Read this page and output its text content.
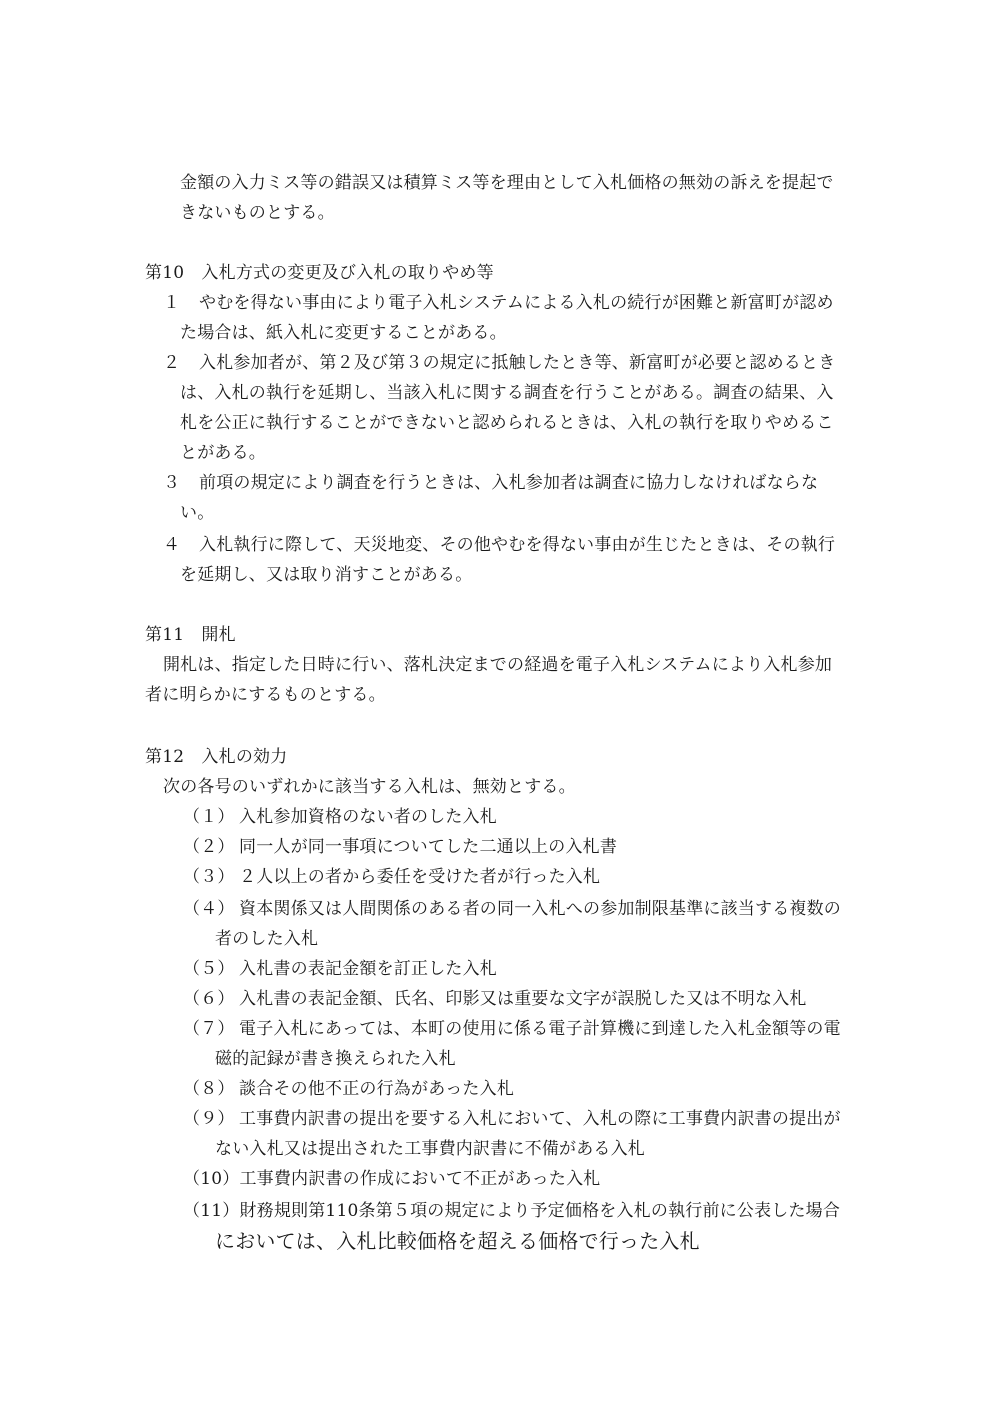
金額の入力ミス等の錯誤又は積算ミス等を理由として入札価格の無効の訴えを提起で
きないものとする。
第10　入札方式の変更及び入札の取りやめ等
１ やむを得ない事由により電子入札システムによる入札の続行が困難と新富町が認め
た場合は、紙入札に変更することがある。
２ 入札参加者が、第２及び第３の規定に抵触したとき等、新富町が必要と認めるとき
は、入札の執行を延期し、当該入札に関する調査を行うことがある。調査の結果、入
札を公正に執行することができないと認められるときは、入札の執行を取りやめるこ
とがある。
３ 前項の規定により調査を行うときは、入札参加者は調査に協力しなければならな
い。
４ 入札執行に際して、天災地変、その他やむを得ない事由が生じたときは、その執行
を延期し、又は取り消すことがある。
第11　開札
開札は、指定した日時に行い、落札決定までの経過を電子入札システムにより入札参加
者に明らかにするものとする。
第12　入札の効力
次の各号のいずれかに該当する入札は、無効とする。
（１） 入札参加資格のない者のした入札
（２） 同一人が同一事項についてした二通以上の入札書
（３） ２人以上の者から委任を受けた者が行った入札
（４） 資本関係又は人間関係のある者の同一入札への参加制限基準に該当する複数の
者のした入札
（５） 入札書の表記金額を訂正した入札
（６） 入札書の表記金額、氏名、印影又は重要な文字が誤脱した又は不明な入札
（７） 電子入札にあっては、本町の使用に係る電子計算機に到達した入札金額等の電
磁的記録が書き換えられた入札
（８） 談合その他不正の行為があった入札
（９） 工事費内訳書の提出を要する入札において、入札の際に工事費内訳書の提出が
ない入札又は提出された工事費内訳書に不備がある入札
（10）工事費内訳書の作成において不正があった入札
（11）財務規則第110条第５項の規定により予定価格を入札の執行前に公表した場合
においては、入札比較価格を超える価格で行った入札
